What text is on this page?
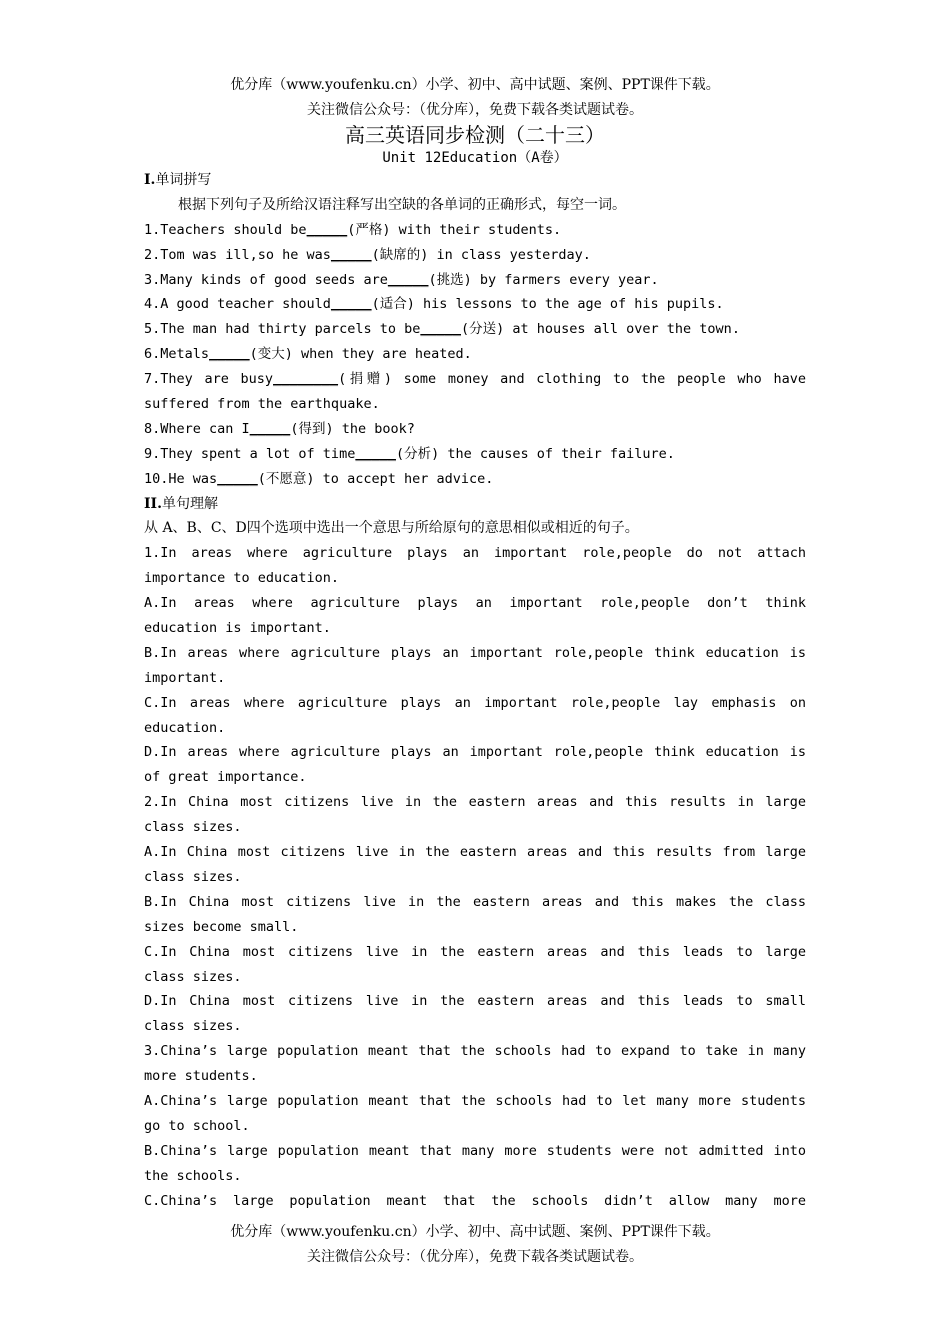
优分库（www.youfenku.cn）小学、初中、高中试题、案例、PPT课件下载。
关注微信公众号：（优分库），免费下载各类试题试卷。
高三英语同步检测（二十三）
Unit 12Education（A卷）
I.单词拼写
根据下列句子及所给汉语注释写出空缺的各单词的正确形式，每空一词。
1.Teachers should be_____(严格) with their students.
2.Tom was ill,so he was_____(缺席的) in class yesterday.
3.Many kinds of good seeds are_____(挑选) by farmers every year.
4.A good teacher should_____(适合) his lessons to the age of his pupils.
5.The man had thirty parcels to be_____(分送) at houses all over the town.
6.Metals_____(变大) when they are heated.
7.They are busy________(捐赠) some money and clothing to the people who have
suffered from the earthquake.
8.Where can I_____(得到) the book?
9.They spent a lot of time_____(分析) the causes of their failure.
10.He was_____(不愿意) to accept her advice.
II.单句理解
从 A、B、C、D四个选项中选出一个意思与所给原句的意思相似或相近的句子。
1.In areas where agriculture plays an important role,people do not attach
importance to education.
A.In areas where agriculture plays an important role,people don’t think
education is important.
B.In areas where agriculture plays an important role,people think education is
important.
C.In areas where agriculture plays an important role,people lay emphasis on
education.
D.In areas where agriculture plays an important role,people think education is
of great importance.
2.In China most citizens live in the eastern areas and this results in large
class sizes.
A.In China most citizens live in the eastern areas and this results from large
class sizes.
B.In China most citizens live in the eastern areas and this makes the class
sizes become small.
C.In China most citizens live in the eastern areas and this leads to large
class sizes.
D.In China most citizens live in the eastern areas and this leads to small
class sizes.
3.China’s large population meant that the schools had to expand to take in many
more students.
A.China’s large population meant that the schools had to let many more students
go to school.
B.China’s large population meant that many more students were not admitted into
the schools.
C.China’s large population meant that the schools didn’t allow many more
优分库（www.youfenku.cn）小学、初中、高中试题、案例、PPT课件下载。
关注微信公众号：（优分库），免费下载各类试题试卷。
